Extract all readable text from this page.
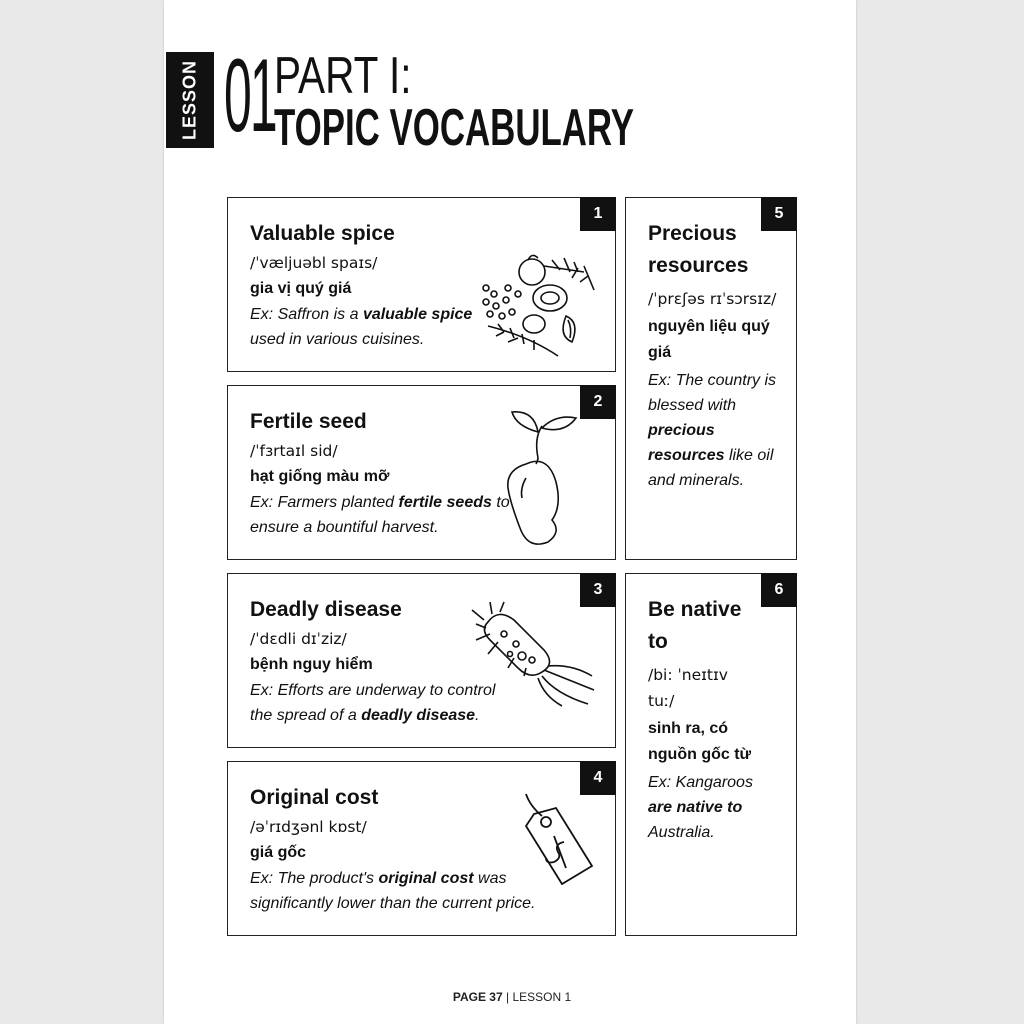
LESSON 01
PART I:
TOPIC VOCABULARY
1

Valuable spice

/ˈvæljuəbl spaɪs/

gia vị quý giá

Ex: Saffron is a valuable spice used in various cuisines.

2

Fertile seed

/ˈfɜrtaɪl sid/

hạt giống màu mỡ

Ex: Farmers planted fertile seeds to ensure a bountiful harvest.

3

Deadly disease

/ˈdɛdli dɪˈziz/

bệnh nguy hiểm

Ex: Efforts are underway to control the spread of a deadly disease.

4

Original cost

/əˈrɪdʒənl kɒst/

giá gốc

Ex: The product's original cost was significantly lower than the current price.

5

Precious resources

/ˈprɛʃəs rɪˈsɔrsɪz/

nguyên liệu quý giá

Ex: The country is blessed with precious resources like oil and minerals.

6

Be native to

/bi: ˈneɪtɪv tuː/

sinh ra, có nguồn gốc từ

Ex: Kangaroos are native to Australia.

PAGE 37 | LESSON 1
